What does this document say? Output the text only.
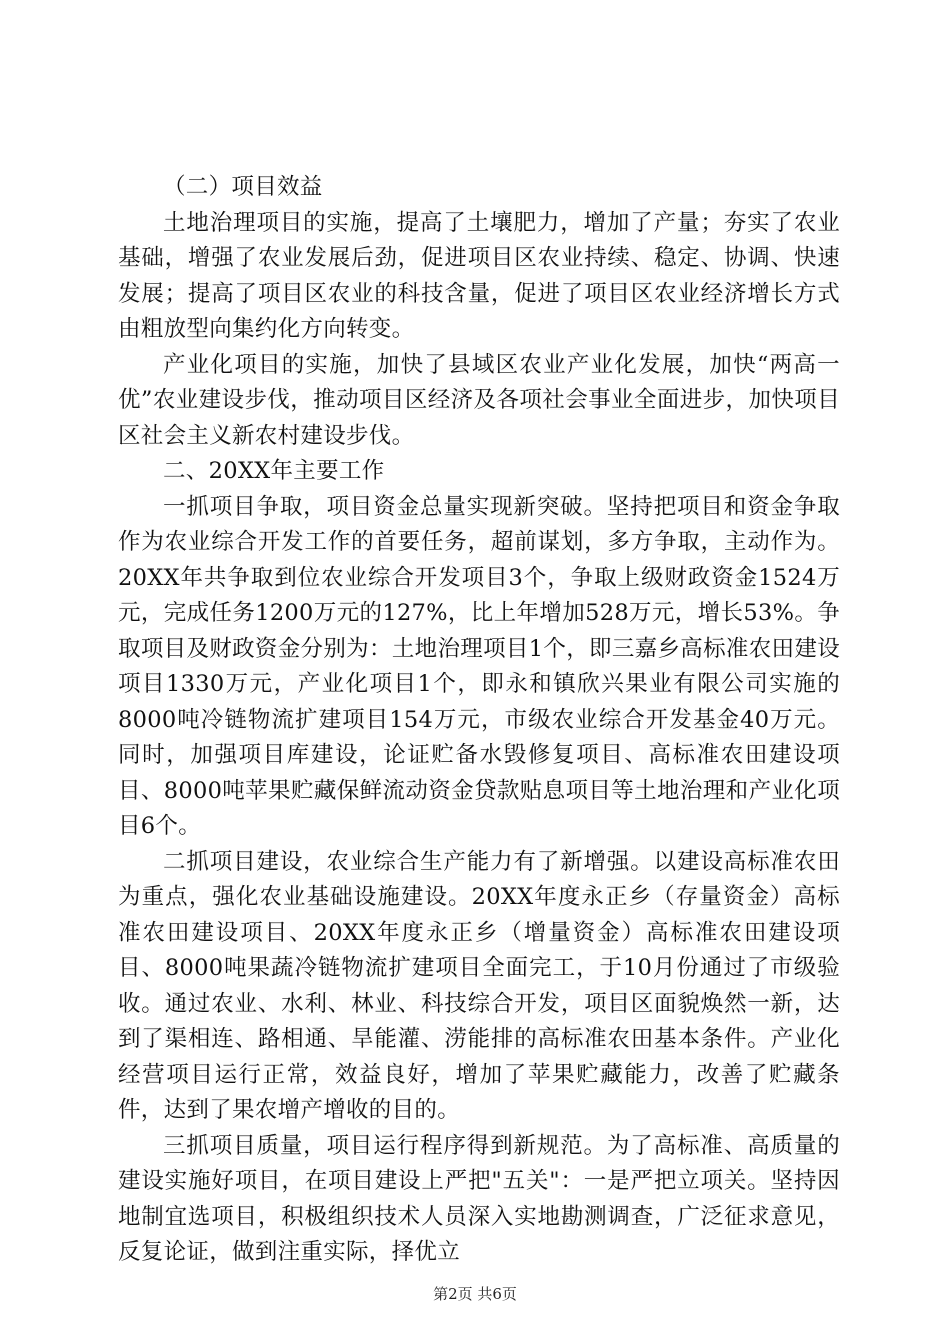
（二）项目效益

土地治理项目的实施，提高了土壤肥力，增加了产量；夯实了农业基础，增强了农业发展后劲，促进项目区农业持续、稳定、协调、快速发展；提高了项目区农业的科技含量，促进了项目区农业经济增长方式由粗放型向集约化方向转变。

产业化项目的实施，加快了县域区农业产业化发展，加快“两高一优”农业建设步伐，推动项目区经济及各项社会事业全面进步，加快项目区社会主义新农村建设步伐。

二、20XX年主要工作

一抓项目争取，项目资金总量实现新突破。坚持把项目和资金争取作为农业综合开发工作的首要任务，超前谋划，多方争取，主动作为。20XX年共争取到位农业综合开发项目3个，争取上级财政资金1524万元，完成任务1200万元的127%，比上年增加528万元，增长53%。争取项目及财政资金分别为：土地治理项目1个，即三嘉乡高标准农田建设项目1330万元，产业化项目1个，即永和镇欣兴果业有限公司实施的8000吨冷链物流扩建项目154万元，市级农业综合开发基金40万元。同时，加强项目库建设，论证贮备水毁修复项目、高标准农田建设项目、8000吨苹果贮藏保鲜流动资金贷款贴息项目等土地治理和产业化项目6个。

二抓项目建设，农业综合生产能力有了新增强。以建设高标准农田为重点，强化农业基础设施建设。20XX年度永正乡（存量资金）高标准农田建设项目、20XX年度永正乡（增量资金）高标准农田建设项目、8000吨果蔬冷链物流扩建项目全面完工，于10月份通过了市级验收。通过农业、水利、林业、科技综合开发，项目区面貌焕然一新，达到了渠相连、路相通、旱能灌、涝能排的高标准农田基本条件。产业化经营项目运行正常，效益良好，增加了苹果贮藏能力，改善了贮藏条件，达到了果农增产增收的目的。

三抓项目质量，项目运行程序得到新规范。为了高标准、高质量的建设实施好项目，在项目建设上严把"五关"：一是严把立项关。坚持因地制宜选项目，积极组织技术人员深入实地勘测调查，广泛征求意见，反复论证，做到注重实际，择优立

第2页 共6页
